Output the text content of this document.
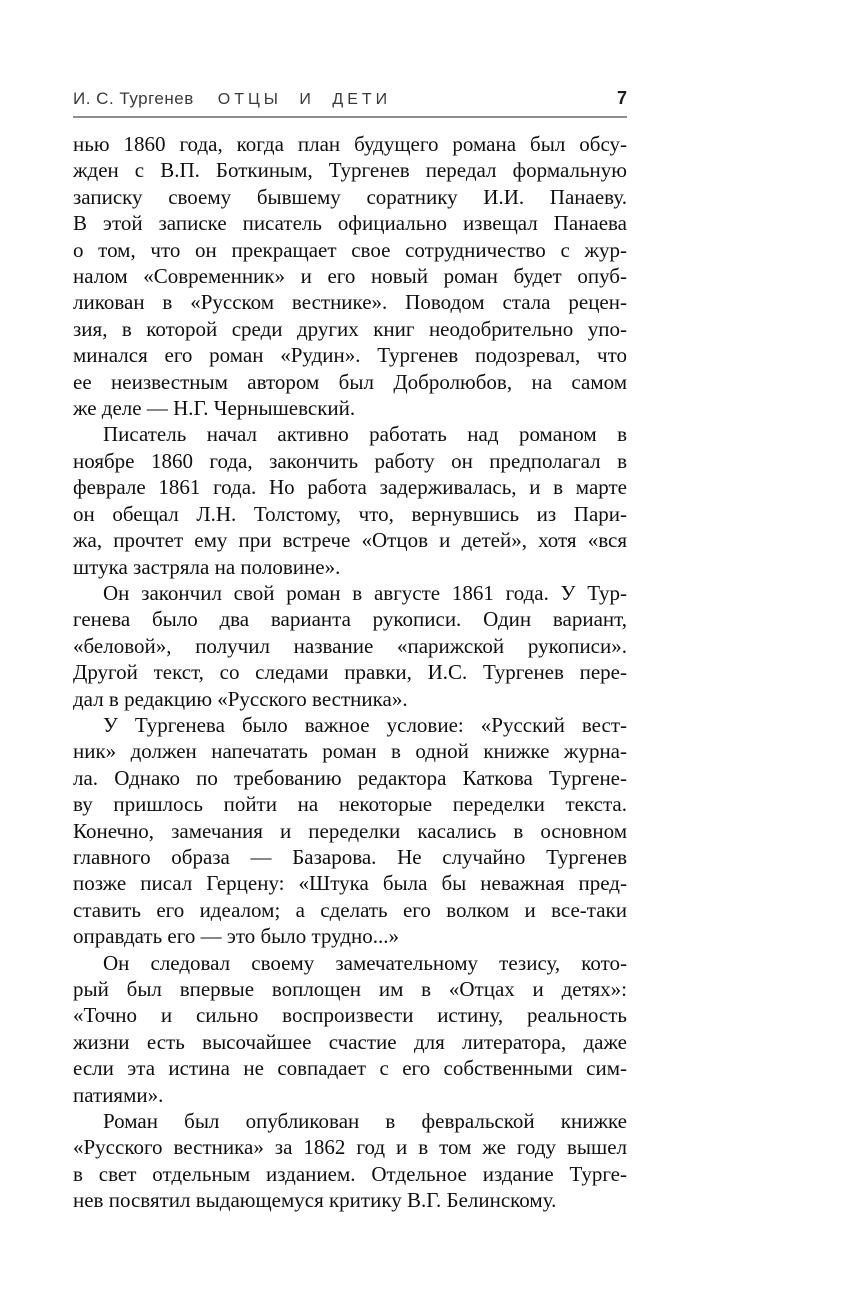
И. С. Тургенев ОТЦЫ И ДЕТИ	7
нью 1860 года, когда план будущего романа был обсу-
жден с В.П. Боткиным, Тургенев передал формальную
записку своему бывшему соратнику И.И. Панаеву.
В этой записке писатель официально извещал Панаева
о том, что он прекращает свое сотрудничество с жур-
налом «Современник» и его новый роман будет опуб-
ликован в «Русском вестнике». Поводом стала рецен-
зия, в которой среди других книг неодобрительно упо-
минался его роман «Рудин». Тургенев подозревал, что
ее неизвестным автором был Добролюбов, на самом
же деле — Н.Г. Чернышевский.
Писатель начал активно работать над романом в
ноябре 1860 года, закончить работу он предполагал в
феврале 1861 года. Но работа задерживалась, и в марте
он обещал Л.Н. Толстому, что, вернувшись из Пари-
жа, прочтет ему при встрече «Отцов и детей», хотя «вся
штука застряла на половине».
Он закончил свой роман в августе 1861 года. У Тур-
генева было два варианта рукописи. Один вариант,
«беловой», получил название «парижской рукописи».
Другой текст, со следами правки, И.С. Тургенев пере-
дал в редакцию «Русского вестника».
У Тургенева было важное условие: «Русский вест-
ник» должен напечатать роман в одной книжке журна-
ла. Однако по требованию редактора Каткова Тургене-
ву пришлось пойти на некоторые переделки текста.
Конечно, замечания и переделки касались в основном
главного образа — Базарова. Не случайно Тургенев
позже писал Герцену: «Штука была бы неважная пред-
ставить его идеалом; а сделать его волком и все-таки
оправдать его — это было трудно...»
Он следовал своему замечательному тезису, кото-
рый был впервые воплощен им в «Отцах и детях»:
«Точно и сильно воспроизвести истину, реальность
жизни есть высочайшее счастие для литератора, даже
если эта истина не совпадает с его собственными сим-
патиями».
Роман был опубликован в февральской книжке
«Русского вестника» за 1862 год и в том же году вышел
в свет отдельным изданием. Отдельное издание Турге-
нев посвятил выдающемуся критику В.Г. Белинскому.
